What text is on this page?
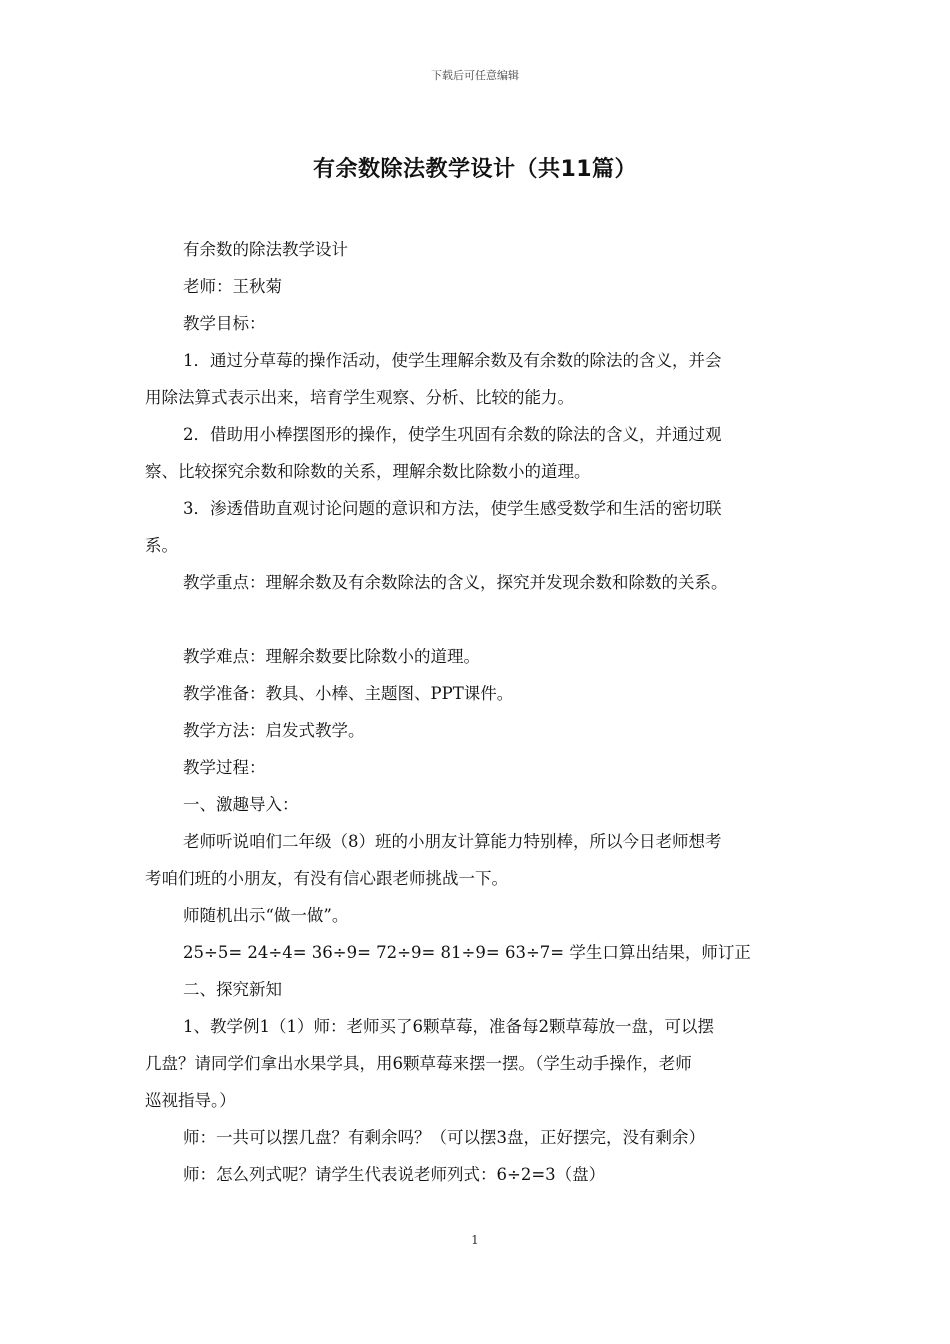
下载后可任意编辑
有余数除法教学设计（共11篇）
有余数的除法教学设计
老师：王秋菊
教学目标：
1．通过分草莓的操作活动，使学生理解余数及有余数的除法的含义，并会
用除法算式表示出来，培育学生观察、分析、比较的能力。
2．借助用小棒摆图形的操作，使学生巩固有余数的除法的含义，并通过观
察、比较探究余数和除数的关系，理解余数比除数小的道理。
3．渗透借助直观讨论问题的意识和方法，使学生感受数学和生活的密切联
系。
教学重点：理解余数及有余数除法的含义，探究并发现余数和除数的关系。
教学难点：理解余数要比除数小的道理。
教学准备：教具、小棒、主题图、PPT课件。
教学方法：启发式教学。
教学过程：
一、激趣导入：
老师听说咱们二年级（8）班的小朋友计算能力特别棒，所以今日老师想考
考咱们班的小朋友，有没有信心跟老师挑战一下。
师随机出示“做一做”。
25÷5= 24÷4= 36÷9= 72÷9= 81÷9= 63÷7= 学生口算出结果，师订正
二、探究新知
1、教学例1（1）师：老师买了6颗草莓，准备每2颗草莓放一盘，可以摆
几盘？请同学们拿出水果学具，用6颗草莓来摆一摆。（学生动手操作，老师
巡视指导。）
师：一共可以摆几盘？有剩余吗？（可以摆3盘，正好摆完，没有剩余）
师：怎么列式呢？请学生代表说老师列式：6÷2=3（盘）
1
